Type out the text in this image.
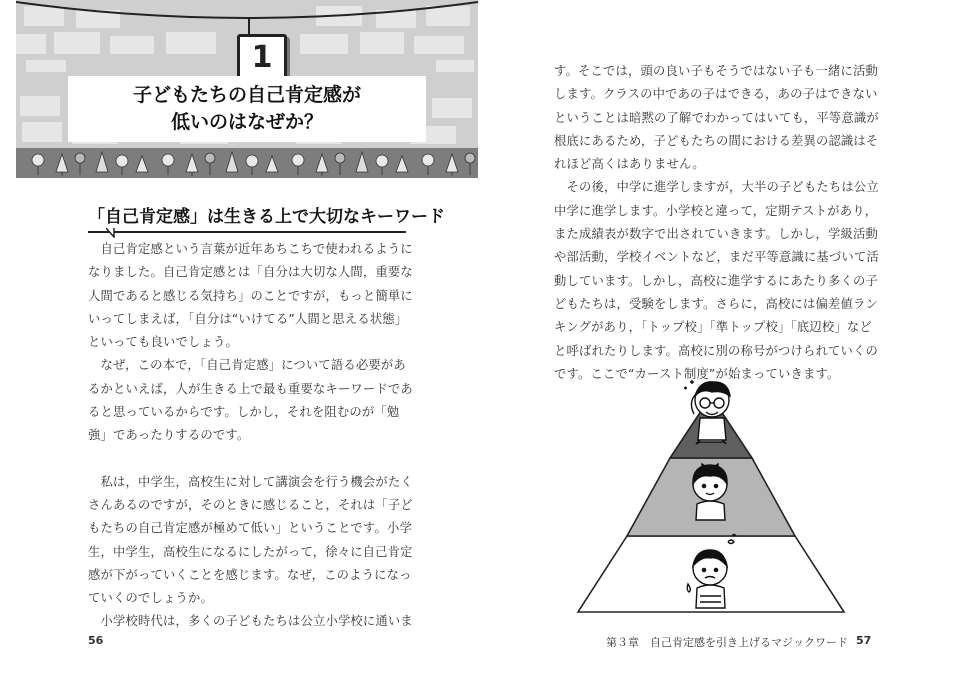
1
子どもたちの自己肯定感が
低いのはなぜか？
「自己肯定感」は生きる上で大切なキーワード

　自己肯定感という言葉が近年あちこちで使われるように

なりました。自己肯定感とは「自分は大切な人間，重要な

人間であると感じる気持ち」のことですが，もっと簡単に

いってしまえば，「自分は“いけてる”人間と思える状態」

といっても良いでしょう。

　なぜ，この本で，「自己肯定感」について語る必要があ

るかといえば，人が生きる上で最も重要なキーワードであ

ると思っているからです。しかし，それを阻むのが「勉

強」であったりするのです。

　私は，中学生，高校生に対して講演会を行う機会がたく

さんあるのですが，そのときに感じること，それは「子ど

もたちの自己肯定感が極めて低い」ということです。小学

生，中学生，高校生になるにしたがって，徐々に自己肯定

感が下がっていくことを感じます。なぜ，このようになっ

ていくのでしょうか。

　小学校時代は，多くの子どもたちは公立小学校に通いま

56

す。そこでは，頭の良い子もそうではない子も一緒に活動

します。クラスの中であの子はできる，あの子はできない

ということは暗黙の了解でわかってはいても，平等意識が

根底にあるため，子どもたちの間における差異の認識はそ

れほど高くはありません。

　その後，中学に進学しますが，大半の子どもたちは公立

中学に進学します。小学校と違って，定期テストがあり，

また成績表が数字で出されていきます。しかし，学級活動

や部活動，学校イベントなど，まだ平等意識に基づいて活

動しています。しかし，高校に進学するにあたり多くの子

どもたちは，受験をします。さらに，高校には偏差値ラン

キングがあり，「トップ校」「準トップ校」「底辺校」など

と呼ばれたりします。高校に別の称号がつけられていくの

です。ここで“カースト制度”が始まっていきます。

第３章　自己肯定感を引き上げるマジックワード 57
